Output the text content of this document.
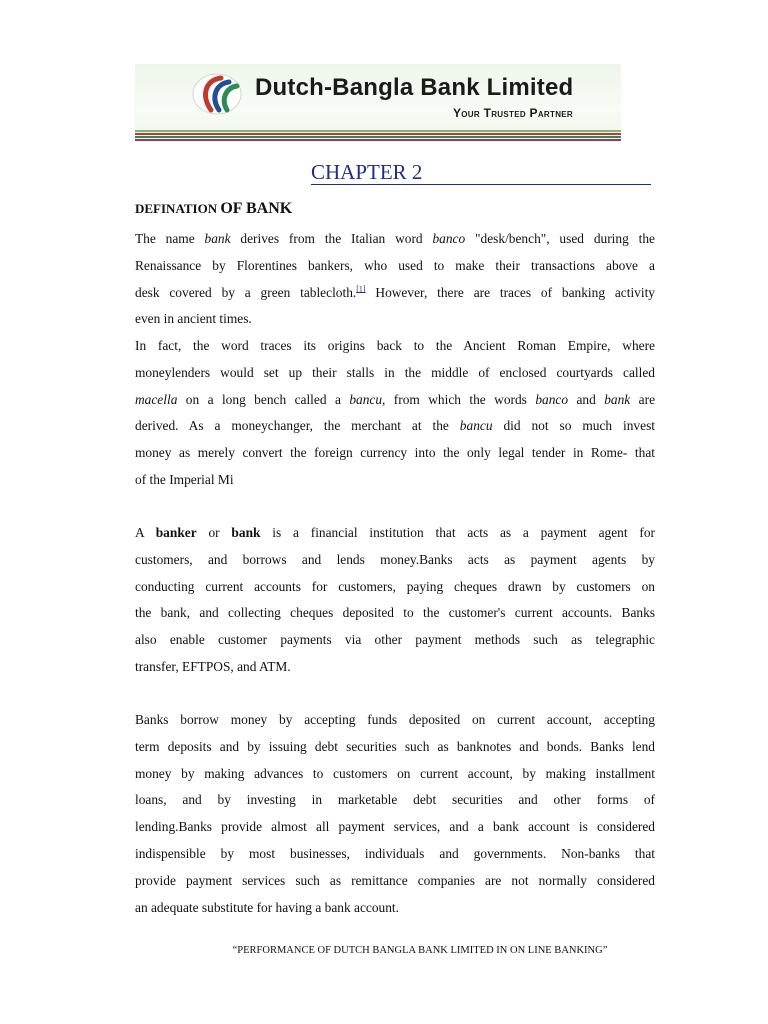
Dutch-Bangla Bank Limited
Your Trusted Partner
CHAPTER 2
DEFINATION OF BANK
The name bank derives from the Italian word banco "desk/bench", used during the
Renaissance by Florentines bankers, who used to make their transactions above a
desk covered by a green tablecloth.[1] However, there are traces of banking activity
even in ancient times.
In fact, the word traces its origins back to the Ancient Roman Empire, where
moneylenders would set up their stalls in the middle of enclosed courtyards called
macella on a long bench called a bancu, from which the words banco and bank are
derived. As a moneychanger, the merchant at the bancu did not so much invest
money as merely convert the foreign currency into the only legal tender in Rome- that
of the Imperial Mi
A banker or bank is a financial institution that acts as a payment agent for
customers, and borrows and lends money.Banks acts as payment agents by
conducting current accounts for customers, paying cheques drawn by customers on
the bank, and collecting cheques deposited to the customer's current accounts. Banks
also enable customer payments via other payment methods such as telegraphic
transfer, EFTPOS, and ATM.
Banks borrow money by accepting funds deposited on current account, accepting
term deposits and by issuing debt securities such as banknotes and bonds. Banks lend
money by making advances to customers on current account, by making installment
loans, and by investing in marketable debt securities and other forms of
lending.Banks provide almost all payment services, and a bank account is considered
indispensible by most businesses, individuals and governments. Non-banks that
provide payment services such as remittance companies are not normally considered
an adequate substitute for having a bank account.
“PERFORMANCE OF DUTCH BANGLA BANK LIMITED IN ON LINE BANKING”
